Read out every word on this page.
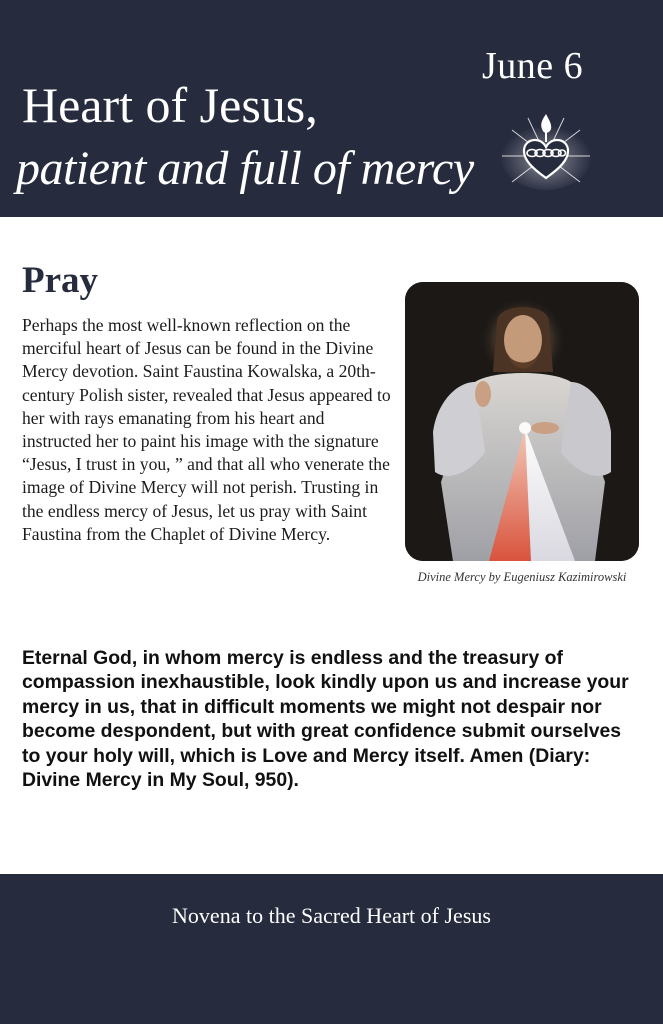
June 6
Heart of Jesus,
patient and full of mercy
Pray

Perhaps the most well-known reflection on the merciful heart of Jesus can be found in the Divine Mercy devotion. Saint Faustina Kowalska, a 20th-century Polish sister, revealed that Jesus appeared to her with rays emanating from his heart and instructed her to paint his image with the signature “Jesus, I trust in you, ” and that all who venerate the image of Divine Mercy will not perish. Trusting in the endless mercy of Jesus, let us pray with Saint Faustina from the Chaplet of Divine Mercy.

Divine Mercy by Eugeniusz Kazimirowski

Eternal God, in whom mercy is endless and the treasury of compassion inexhaustible, look kindly upon us and increase your mercy in us, that in difficult moments we might not despair nor become despondent, but with great confidence submit ourselves to your holy will, which is Love and Mercy itself. Amen (Diary: Divine Mercy in My Soul, 950).

Novena to the Sacred Heart of Jesus
